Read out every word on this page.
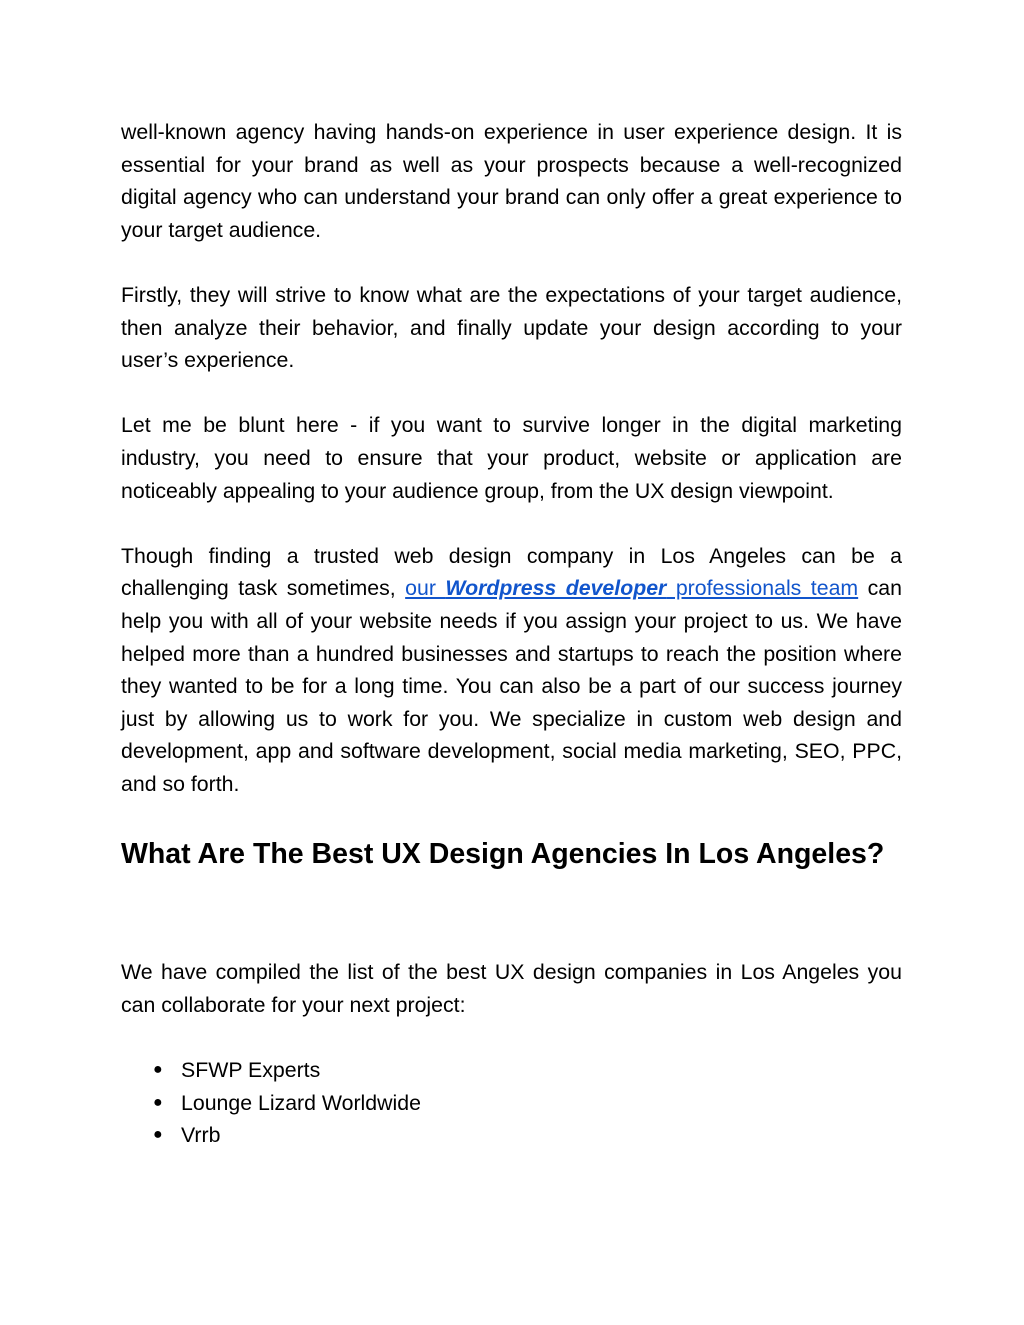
well-known agency having hands-on experience in user experience design. It is essential for your brand as well as your prospects because a well-recognized digital agency who can understand your brand can only offer a great experience to your target audience.

Firstly, they will strive to know what are the expectations of your target audience, then analyze their behavior, and finally update your design according to your user’s experience.

Let me be blunt here - if you want to survive longer in the digital marketing industry, you need to ensure that your product, website or application are noticeably appealing to your audience group, from the UX design viewpoint.

Though finding a trusted web design company in Los Angeles can be a challenging task sometimes, our Wordpress developer professionals team can help you with all of your website needs if you assign your project to us. We have helped more than a hundred businesses and startups to reach the position where they wanted to be for a long time. You can also be a part of our success journey just by allowing us to work for you. We specialize in custom web design and development, app and software development, social media marketing, SEO, PPC, and so forth.

What Are The Best UX Design Agencies In Los Angeles?

We have compiled the list of the best UX design companies in Los Angeles you can collaborate for your next project:

● SFWP Experts
● Lounge Lizard Worldwide
● Vrrb
